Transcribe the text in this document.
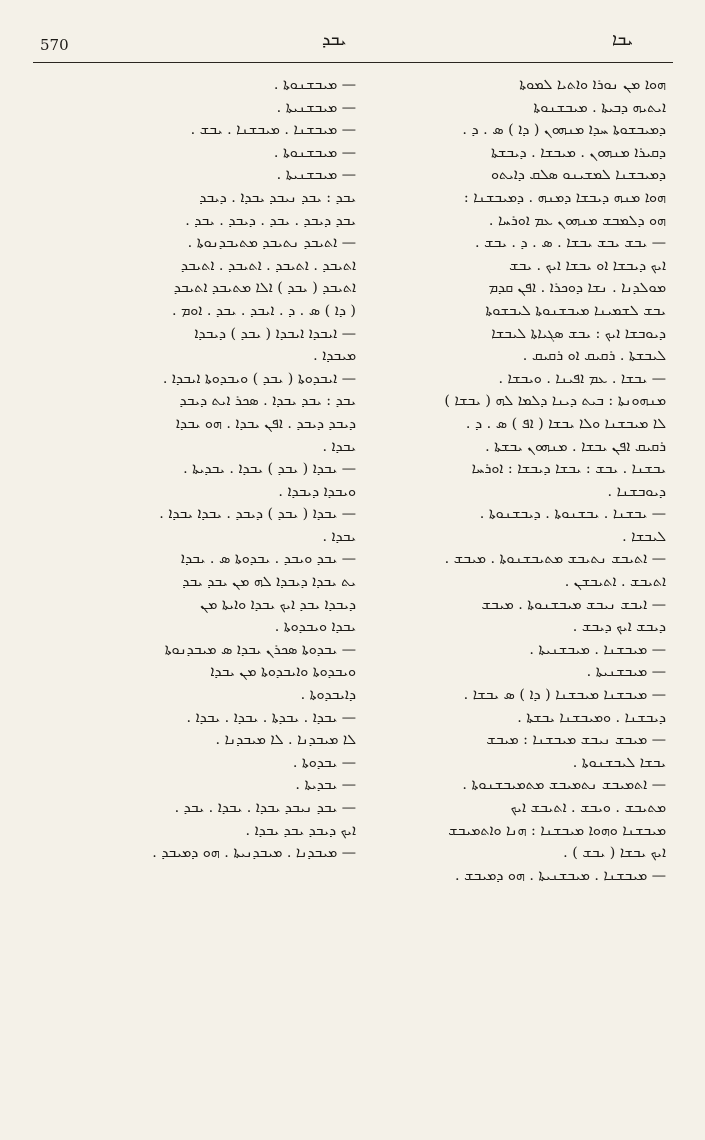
570	ܝܒܕ	ܝܒܐ
— ܡܝܒܫܢܘܬܐ .
— ܡܝܒܫܢܝܬܐ .
— ܡܝܒܫܢܐ . ܡܝܒܫܢܐ . ܝܒܫ .
— ܡܝܒܫܢܘܬܐ .
— ܡܝܒܫܢܝܬܐ .
ܝܒܕ : ܝܒܕ ܢܝܒܕ ܝܒܕܐ . ܕܝܒܕ
ܝܒܕ ܕܝܒܕ . ܝܒܕ . ܕܝܒܕ . ܝܒܕ .
— ܐܬܝܒܕ ܢܬܝܒܕ ܡܬܝܒܕܢܘܬܐ .
ܐܬܝܒܕ . ܐܬܝܒܕ . ܐܬܝܒܕ . ܐܬܝܒܕ
ܐܬܝܒܕ ( ܝܒܕ ) ܐܠܐ ܡܬܝܒܕ ܐܬܝܒܕ
( ܕܐ ) ܣ . ܕ . ܐܝܒܕ . ܝܒܕ . ܐܘܡ .
— ܐܝܒܕܐ ܐܝܒܕܐ ( ܝܒܕ ) ܕܝܒܕܐ
ܡܝܒܕܐ .
— ܐܝܒܕܘܬܐ ( ܝܒܕ ) ܘܝܒܕܘܬܐ ܐܝܒܕܐ .
ܝܒܕ : ܝܒܕ ܝܒܕܐ . ܣܟܪ ܐܝܬ ܕܝܒܕ
ܕܝܒܕ ܕܝܒܕ . ܐܦܢ ܝܒܕܐ . ܗܘ ܝܒܕܐ
ܝܒܕܐ .
— ܝܒܕܐ ( ܝܒܕ ) ܝܒܕܐ . ܝܒܕܝܬܐ .
ܘܝܒܕܐ ܕܝܒܕܐ .
— ܝܒܕܐ ( ܝܒܕ ) ܕܝܒܕ . ܝܒܕܐ ܝܒܕܐ .
ܝܒܕܐ .
— ܝܒܕ ܘܝܒܕ . ܝܒܕܘܬܐ ܣ . ܝܒܕܐ
ܝܬ ܝܒܕܐ ܕܝܒܕܐ ܠܗ ܡܢ ܝܒܕ ܝܒܕ
ܕܝܒܕܐ ܝܒܕ ܐܝܟ ܝܒܕܐ ܘܐܝܬܐ ܡܢ
ܝܒܕܐ ܘܝܒܕܘܬܐ .
— ܝܒܕܘܬܐ ܣܟܪܢ ܝܒܕܐ ܣ ܡܝܒܕܢܘܬܐ
ܘܝܒܕܘܬܐ ܘܐܝܒܕܘܬܐ ܡܢ ܝܒܕܐ
ܕܐܝܒܕܘܬܐ .
— ܝܒܕܐ . ܝܒܕܬܐ . ܝܒܕܐ . ܝܒܕܐ .
ܠܐ ܡܝܒܕܢܐ . ܠܐ ܡܝܒܕܢܐ .
— ܝܒܕܘܬܐ .
— ܝܒܕܝܬܐ .
— ܝܒܕ ܢܝܒܕ ܝܒܕܐ . ܝܒܕܐ . ܝܒܕ .
ܐܝܟ ܕܝܒܕ ܝܒܕ ܝܒܕܐ .
— ܡܝܒܕܢܐ . ܡܝܒܕܢܝܬܐ . ܗܘ ܕܡܝܒܕ .
ܗܘܐ ܡܢ ܢܘܪܐ ܘܐܬܝܐ ܠܡܘܬܐ
ܐܝܬܝܗ ܕܒܝܬܐ . ܡܝܒܫܢܘܬܐ
ܕܡܝܒܫܘܬܐ ܚܕܐ ܡܢܗܘܢ ( ܕܐ ) ܣ . ܕ .
ܕܩܝܪܐ ܡܢܗܘܢ . ܡܝܒܫܐ . ܕܝܒܫܬܐ
ܕܡܝܒܫܢܐ ܠܡܫܝܢܘ ܣܠܩ ܕܐܝܬܘ
ܗܘܐ ܡܢܗ ܕܝܒܫܐ ܕܡܢܗ . ܕܡܝܒܫܢܐ :
ܗܘ ܕܠܡܒܫ ܡܢܗܘܢ ܥܡ ܐܘܪܚܐ .
— ܝܒܫ ܝܒܫ ܝܒܫܐ . ܣ . ܕ . ܝܒܫ .
ܐܝܟ ܕܝܒܫܐ ܐܘ ܝܒܫܐ ܐܝܟ . ܝܒܫ
ܡܘܠܕܢܐ . ܢܫܐ ܕܘܟܪܐ . ܐܦܢ ܩܕܡ
ܝܒܫ ܠܫܡܝܢܐ ܡܝܒܫܢܘܬܐ ܠܝܒܫܘܬܐ
ܕܝܘܒܫܐ ܐܝܟ : ܝܒܫ ܣܓܝܐܬܐ ܠܝܒܫܐ
ܠܝܒܫܬܐ . ܪܩܝܩ ܐܘ ܪܩܝܩ .
— ܝܒܫܐ . ܥܡ ܐܦܝܢܐ . ܘܝܒܫܐ .
ܡܢܗܘܢܬܐ : ܒܝܬ ܕܝܢܐ ܕܠܡܐ ܠܗ ( ܝܒܫܐ )
ܠܐ ܡܝܒܫܢܐ ܘܠܐ ܝܒܫܐ ( ܐܦ ) ܣ . ܕ .
ܪܩܝܩ ܐܦܢ ܝܒܫܐ . ܡܢܗܘܢ ܝܒܫܬܐ .
ܝܒܫܢܐ . ܝܒܫ : ܝܒܫܐ ܕܝܒܫܐ : ܐܘܪܚܐ
ܕܝܘܒܫܢܐ .
— ܝܒܫܢܐ . ܝܒܫܢܘܬܐ . ܕܝܒܫܢܘܬܐ .
ܠܝܒܫܐ .
— ܐܬܝܒܫ ܢܬܝܒܫ ܡܬܝܒܫܢܘܬܐ . ܡܝܒܫ .
ܐܬܝܒܫ . ܐܬܝܒܫܢ .
— ܐܝܒܫ ܢܝܒܫ ܡܝܒܫܢܘܬܐ . ܡܝܒܫ
ܕܝܒܫ ܐܝܟ ܕܝܒܫ .
— ܡܝܒܫܢܐ . ܡܝܒܫܢܝܬܐ .
— ܡܝܒܫܢܝܬܐ .
— ܡܝܒܫܢܐ ܡܝܒܫܢܐ ( ܕܐ ) ܣ ܝܒܫܐ .
ܕܝܒܫܢܐ . ܘܡܝܒܫܢܐ ܝܒܫܬܐ .
— ܡܝܒܫ ܢܝܒܫ ܡܝܒܫܢܐ : ܡܝܒܫ
ܝܒܫܐ ܠܝܒܫܢܘܬܐ .
— ܐܬܡܝܒܫ ܢܬܡܝܒܫ ܡܬܡܝܒܫܢܘܬܐ .
ܡܬܝܒܫ . ܘܝܒܫ . ܐܬܝܒܫ ܐܝܟ
ܡܝܒܫܢܐ ܘܗܘܐ ܡܝܒܫܢܐ : ܗܢܐ ܘܐܬܡܝܒܫ
ܐܝܟ ܝܒܫܐ ( ܝܒܫ ) .
— ܡܝܒܫܢܐ . ܡܝܒܫܢܝܬܐ . ܗܘ ܕܡܝܒܫ .
